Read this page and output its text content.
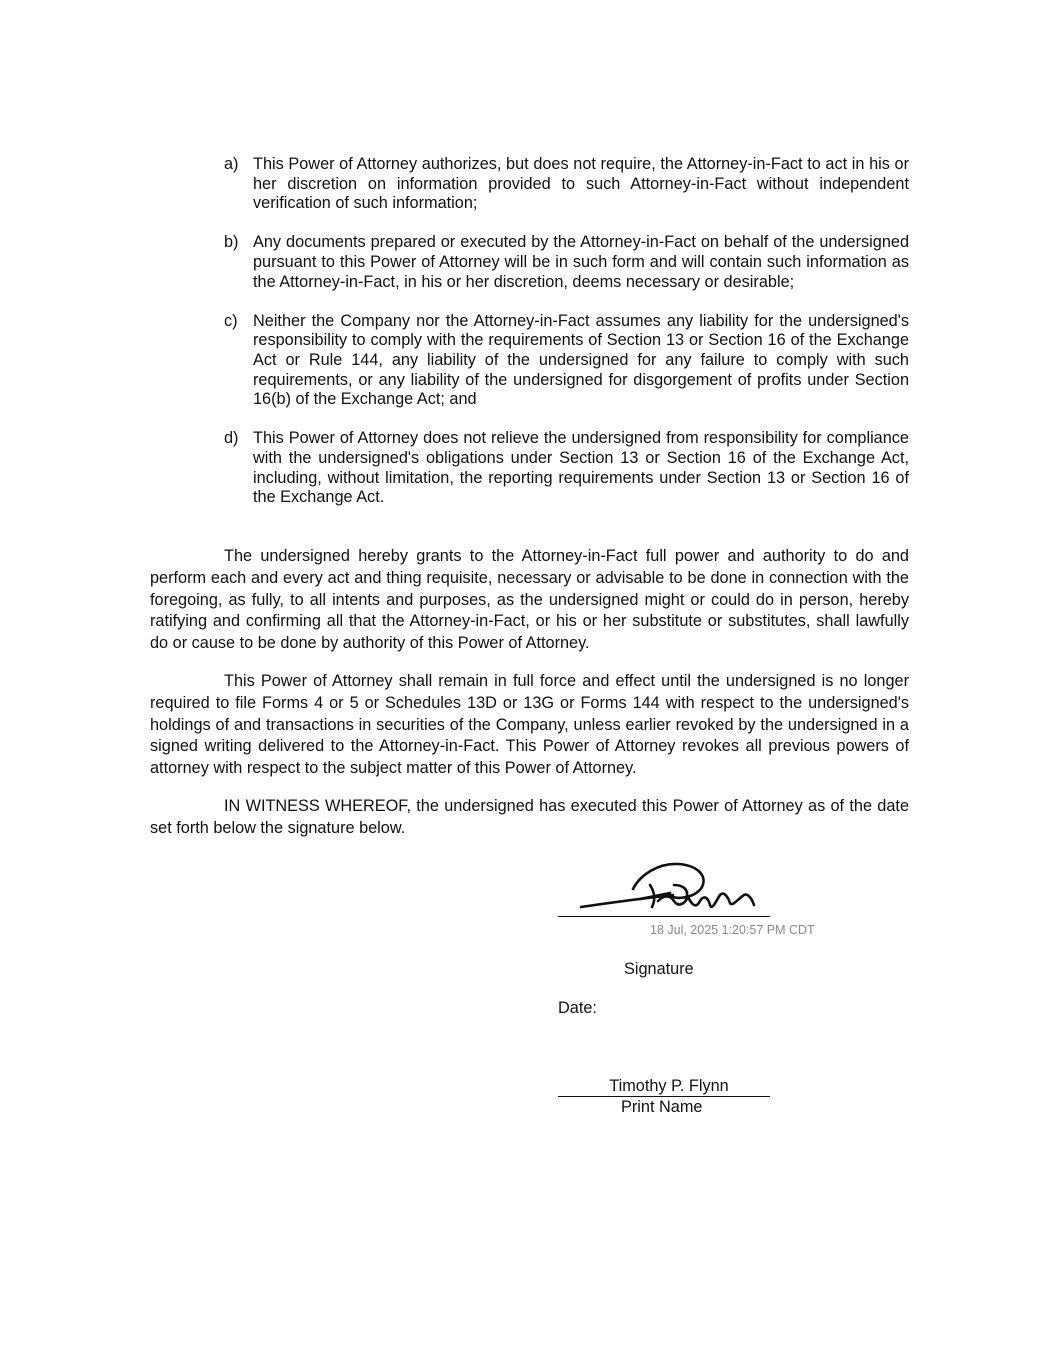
a) This Power of Attorney authorizes, but does not require, the Attorney-in-Fact to act in his or her discretion on information provided to such Attorney-in-Fact without independent verification of such information;
b) Any documents prepared or executed by the Attorney-in-Fact on behalf of the undersigned pursuant to this Power of Attorney will be in such form and will contain such information as the Attorney-in-Fact, in his or her discretion, deems necessary or desirable;
c) Neither the Company nor the Attorney-in-Fact assumes any liability for the undersigned's responsibility to comply with the requirements of Section 13 or Section 16 of the Exchange Act or Rule 144, any liability of the undersigned for any failure to comply with such requirements, or any liability of the undersigned for disgorgement of profits under Section 16(b) of the Exchange Act; and
d) This Power of Attorney does not relieve the undersigned from responsibility for compliance with the undersigned's obligations under Section 13 or Section 16 of the Exchange Act, including, without limitation, the reporting requirements under Section 13 or Section 16 of the Exchange Act.

The undersigned hereby grants to the Attorney-in-Fact full power and authority to do and perform each and every act and thing requisite, necessary or advisable to be done in connection with the foregoing, as fully, to all intents and purposes, as the undersigned might or could do in person, hereby ratifying and confirming all that the Attorney-in-Fact, or his or her substitute or substitutes, shall lawfully do or cause to be done by authority of this Power of Attorney.

This Power of Attorney shall remain in full force and effect until the undersigned is no longer required to file Forms 4 or 5 or Schedules 13D or 13G or Forms 144 with respect to the undersigned's holdings of and transactions in securities of the Company, unless earlier revoked by the undersigned in a signed writing delivered to the Attorney-in-Fact. This Power of Attorney revokes all previous powers of attorney with respect to the subject matter of this Power of Attorney.

IN WITNESS WHEREOF, the undersigned has executed this Power of Attorney as of the date set forth below the signature below.

18 Jul, 2025 1:20:57 PM CDT
Signature
Date:
Timothy P. Flynn
Print Name
